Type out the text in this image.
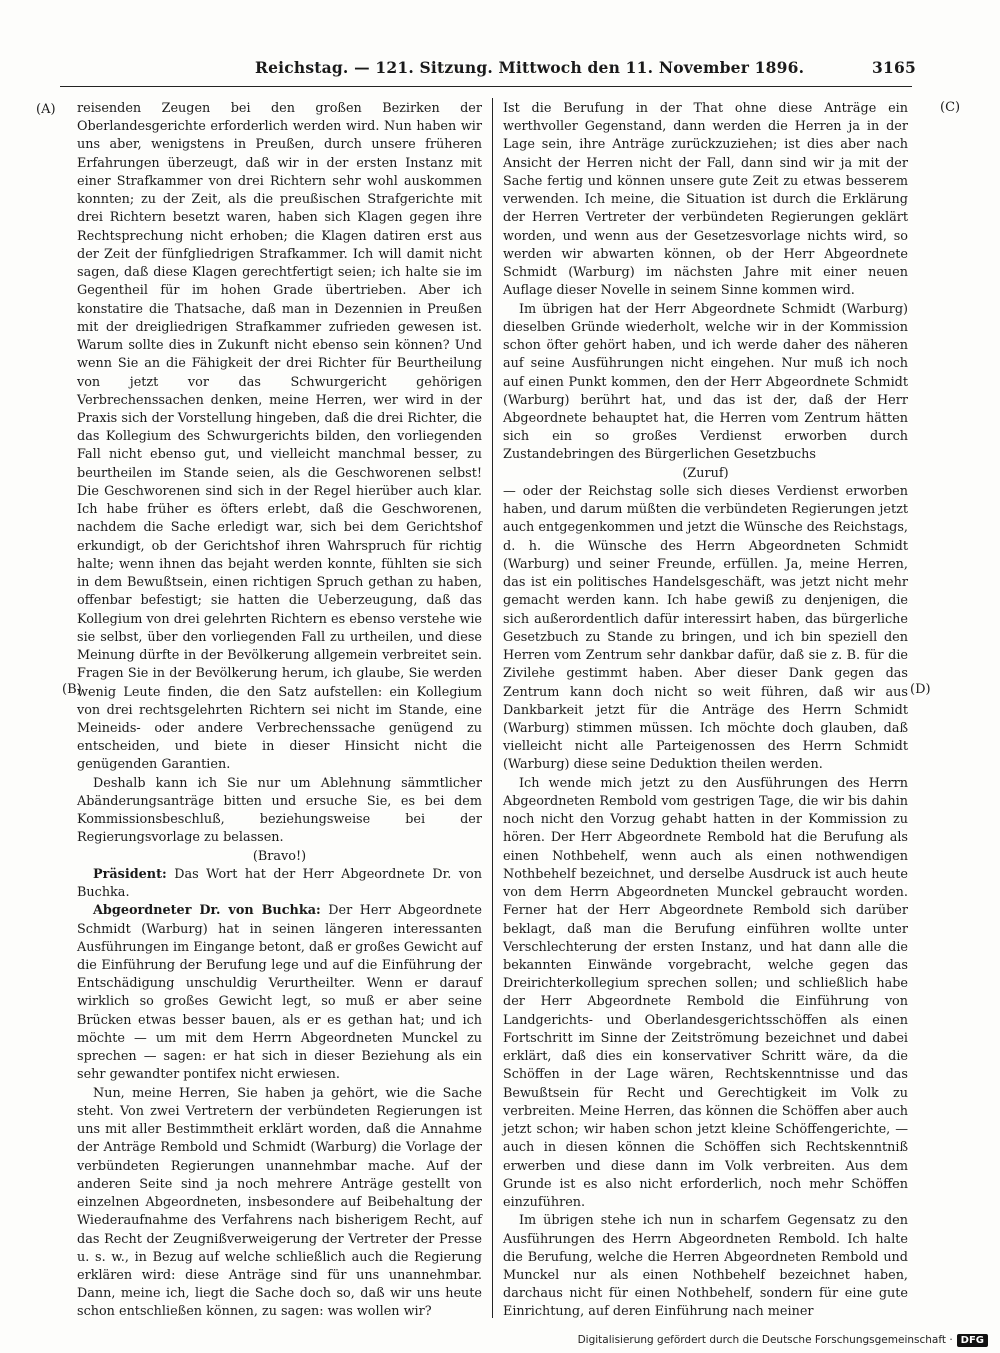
Reichstag. — 121. Sitzung. Mittwoch den 11. November 1896.	3165
(A)
(B)
(C)
(D)

reisenden Zeugen bei den großen Bezirken der Oberlandesgerichte erforderlich werden wird. Nun haben wir uns aber, wenigstens in Preußen, durch unsere früheren Erfahrungen überzeugt, daß wir in der ersten Instanz mit einer Strafkammer von drei Richtern sehr wohl auskommen konnten; zu der Zeit, als die preußischen Strafgerichte mit drei Richtern besetzt waren, haben sich Klagen gegen ihre Rechtsprechung nicht erhoben; die Klagen datiren erst aus der Zeit der fünfgliedrigen Strafkammer. Ich will damit nicht sagen, daß diese Klagen gerechtfertigt seien; ich halte sie im Gegentheil für im hohen Grade übertrieben. Aber ich konstatire die Thatsache, daß man in Dezennien in Preußen mit der dreigliedrigen Strafkammer zufrieden gewesen ist. Warum sollte dies in Zukunft nicht ebenso sein können? Und wenn Sie an die Fähigkeit der drei Richter für Beurtheilung von jetzt vor das Schwurgericht gehörigen Verbrechenssachen denken, meine Herren, wer wird in der Praxis sich der Vorstellung hingeben, daß die drei Richter, die das Kollegium des Schwurgerichts bilden, den vorliegenden Fall nicht ebenso gut, und vielleicht manchmal besser, zu beurtheilen im Stande seien, als die Geschworenen selbst! Die Geschworenen sind sich in der Regel hierüber auch klar. Ich habe früher es öfters erlebt, daß die Geschworenen, nachdem die Sache erledigt war, sich bei dem Gerichtshof erkundigt, ob der Gerichtshof ihren Wahrspruch für richtig halte; wenn ihnen das bejaht werden konnte, fühlten sie sich in dem Bewußtsein, einen richtigen Spruch gethan zu haben, offenbar befestigt; sie hatten die Ueberzeugung, daß das Kollegium von drei gelehrten Richtern es ebenso verstehe wie sie selbst, über den vorliegenden Fall zu urtheilen, und diese Meinung dürfte in der Bevölkerung allgemein verbreitet sein. Fragen Sie in der Bevölkerung herum, ich glaube, Sie werden wenig Leute finden, die den Satz aufstellen: ein Kollegium von drei rechtsgelehrten Richtern sei nicht im Stande, eine Meineids- oder andere Verbrechenssache genügend zu entscheiden, und biete in dieser Hinsicht nicht die genügenden Garantien.

Deshalb kann ich Sie nur um Ablehnung sämmtlicher Abänderungsanträge bitten und ersuche Sie, es bei dem Kommissionsbeschluß, beziehungsweise bei der Regierungsvorlage zu belassen.

(Bravo!)

Präsident: Das Wort hat der Herr Abgeordnete Dr. von Buchka.

Abgeordneter Dr. von Buchka: Der Herr Abgeordnete Schmidt (Warburg) hat in seinen längeren interessanten Ausführungen im Eingange betont, daß er großes Gewicht auf die Einführung der Berufung lege und auf die Einführung der Entschädigung unschuldig Verurtheilter. Wenn er darauf wirklich so großes Gewicht legt, so muß er aber seine Brücken etwas besser bauen, als er es gethan hat; und ich möchte — um mit dem Herrn Abgeordneten Munckel zu sprechen — sagen: er hat sich in dieser Beziehung als ein sehr gewandter pontifex nicht erwiesen.

Nun, meine Herren, Sie haben ja gehört, wie die Sache steht. Von zwei Vertretern der verbündeten Regierungen ist uns mit aller Bestimmtheit erklärt worden, daß die Annahme der Anträge Rembold und Schmidt (Warburg) die Vorlage der verbündeten Regierungen unannehmbar mache. Auf der anderen Seite sind ja noch mehrere Anträge gestellt von einzelnen Abgeordneten, insbesondere auf Beibehaltung der Wiederaufnahme des Verfahrens nach bisherigem Recht, auf das Recht der Zeugnißverweigerung der Vertreter der Presse u. s. w., in Bezug auf welche schließlich auch die Regierung erklären wird: diese Anträge sind für uns unannehmbar. Dann, meine ich, liegt die Sache doch so, daß wir uns heute schon entschließen können, zu sagen: was wollen wir?

Ist die Berufung in der That ohne diese Anträge ein werthvoller Gegenstand, dann werden die Herren ja in der Lage sein, ihre Anträge zurückzuziehen; ist dies aber nach Ansicht der Herren nicht der Fall, dann sind wir ja mit der Sache fertig und können unsere gute Zeit zu etwas besserem verwenden. Ich meine, die Situation ist durch die Erklärung der Herren Vertreter der verbündeten Regierungen geklärt worden, und wenn aus der Gesetzesvorlage nichts wird, so werden wir abwarten können, ob der Herr Abgeordnete Schmidt (Warburg) im nächsten Jahre mit einer neuen Auflage dieser Novelle in seinem Sinne kommen wird.

Im übrigen hat der Herr Abgeordnete Schmidt (Warburg) dieselben Gründe wiederholt, welche wir in der Kommission schon öfter gehört haben, und ich werde daher des näheren auf seine Ausführungen nicht eingehen. Nur muß ich noch auf einen Punkt kommen, den der Herr Abgeordnete Schmidt (Warburg) berührt hat, und das ist der, daß der Herr Abgeordnete behauptet hat, die Herren vom Zentrum hätten sich ein so großes Verdienst erworben durch Zustandebringen des Bürgerlichen Gesetzbuchs

(Zuruf)

— oder der Reichstag solle sich dieses Verdienst erworben haben, und darum müßten die verbündeten Regierungen jetzt auch entgegenkommen und jetzt die Wünsche des Reichstags, d. h. die Wünsche des Herrn Abgeordneten Schmidt (Warburg) und seiner Freunde, erfüllen. Ja, meine Herren, das ist ein politisches Handelsgeschäft, was jetzt nicht mehr gemacht werden kann. Ich habe gewiß zu denjenigen, die sich außerordentlich dafür interessirt haben, das bürgerliche Gesetzbuch zu Stande zu bringen, und ich bin speziell den Herren vom Zentrum sehr dankbar dafür, daß sie z. B. für die Zivilehe gestimmt haben. Aber dieser Dank gegen das Zentrum kann doch nicht so weit führen, daß wir aus Dankbarkeit jetzt für die Anträge des Herrn Schmidt (Warburg) stimmen müssen. Ich möchte doch glauben, daß vielleicht nicht alle Parteigenossen des Herrn Schmidt (Warburg) diese seine Deduktion theilen werden.

Ich wende mich jetzt zu den Ausführungen des Herrn Abgeordneten Rembold vom gestrigen Tage, die wir bis dahin noch nicht den Vorzug gehabt hatten in der Kommission zu hören. Der Herr Abgeordnete Rembold hat die Berufung als einen Nothbehelf, wenn auch als einen nothwendigen Nothbehelf bezeichnet, und derselbe Ausdruck ist auch heute von dem Herrn Abgeordneten Munckel gebraucht worden. Ferner hat der Herr Abgeordnete Rembold sich darüber beklagt, daß man die Berufung einführen wollte unter Verschlechterung der ersten Instanz, und hat dann alle die bekannten Einwände vorgebracht, welche gegen das Dreirichterkollegium sprechen sollen; und schließlich habe der Herr Abgeordnete Rembold die Einführung von Landgerichts- und Oberlandesgerichtsschöffen als einen Fortschritt im Sinne der Zeitströmung bezeichnet und dabei erklärt, daß dies ein konservativer Schritt wäre, da die Schöffen in der Lage wären, Rechtskenntnisse und das Bewußtsein für Recht und Gerechtigkeit im Volk zu verbreiten. Meine Herren, das können die Schöffen aber auch jetzt schon; wir haben schon jetzt kleine Schöffengerichte, — auch in diesen können die Schöffen sich Rechtskenntniß erwerben und diese dann im Volk verbreiten. Aus dem Grunde ist es also nicht erforderlich, noch mehr Schöffen einzuführen.

Im übrigen stehe ich nun in scharfem Gegensatz zu den Ausführungen des Herrn Abgeordneten Rembold. Ich halte die Berufung, welche die Herren Abgeordneten Rembold und Munckel nur als einen Nothbehelf bezeichnet haben, darchaus nicht für einen Nothbehelf, sondern für eine gute Einrichtung, auf deren Einführung nach meiner

Digitalisierung gefördert durch die Deutsche Forschungsgemeinschaft · DFG
